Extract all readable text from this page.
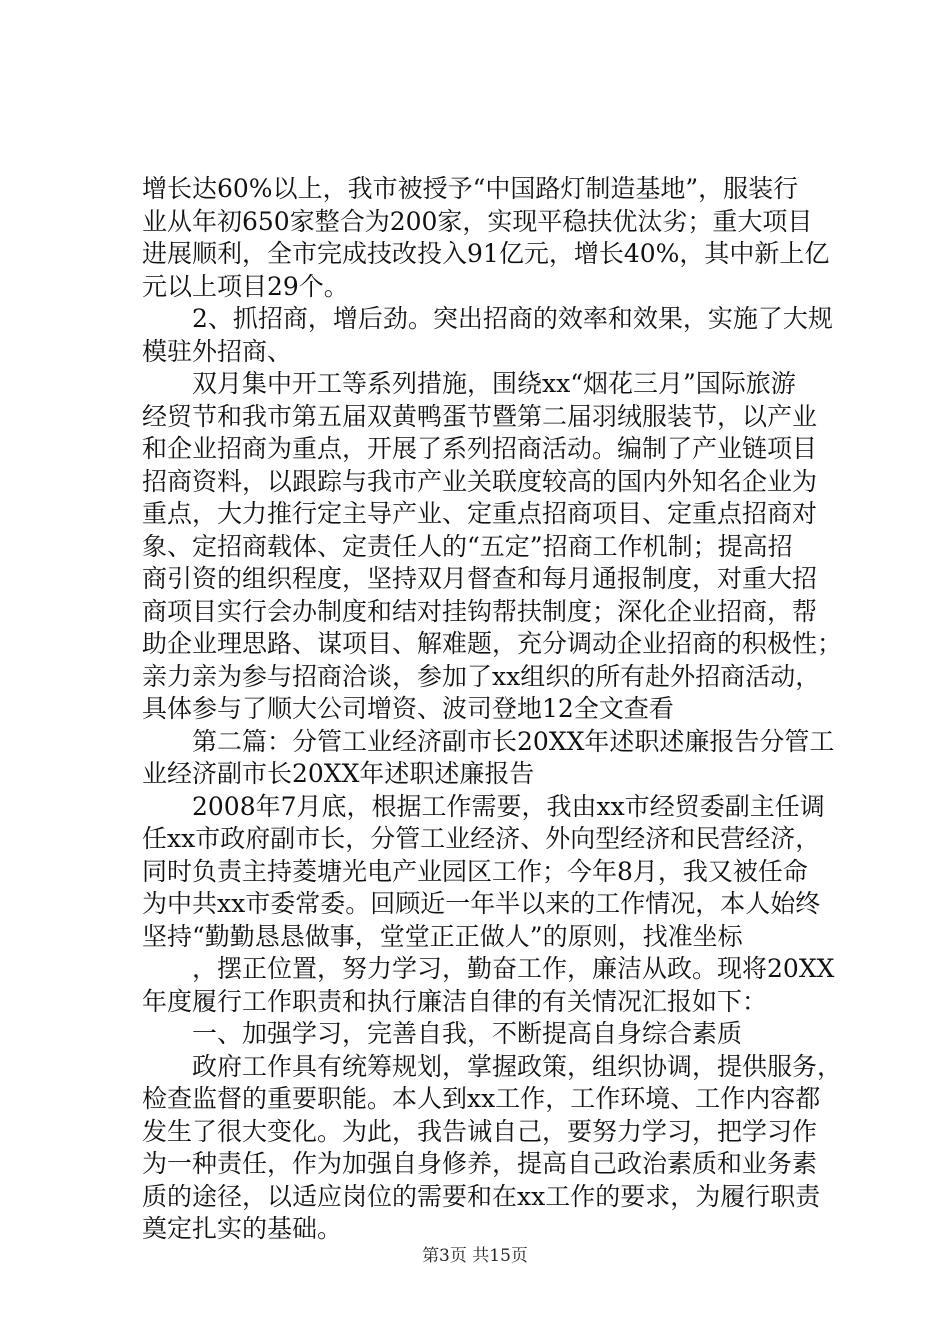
增长达60%以上，我市被授予“中国路灯制造基地”，服装行
业从年初650家整合为200家，实现平稳扶优汰劣；重大项目
进展顺利，全市完成技改投入91亿元，增长40%，其中新上亿
元以上项目29个。
　　2、抓招商，增后劲。突出招商的效率和效果，实施了大规
模驻外招商、
　　双月集中开工等系列措施，围绕xx“烟花三月”国际旅游
经贸节和我市第五届双黄鸭蛋节暨第二届羽绒服装节，以产业
和企业招商为重点，开展了系列招商活动。编制了产业链项目
招商资料，以跟踪与我市产业关联度较高的国内外知名企业为
重点，大力推行定主导产业、定重点招商项目、定重点招商对
象、定招商载体、定责任人的“五定”招商工作机制；提高招
商引资的组织程度，坚持双月督查和每月通报制度，对重大招
商项目实行会办制度和结对挂钩帮扶制度；深化企业招商，帮
助企业理思路、谋项目、解难题，充分调动企业招商的积极性；
亲力亲为参与招商洽谈，参加了xx组织的所有赴外招商活动，
具体参与了顺大公司增资、波司登地12全文查看
　　第二篇：分管工业经济副市长20XX年述职述廉报告分管工
业经济副市长20XX年述职述廉报告
　　2008年7月底，根据工作需要，我由xx市经贸委副主任调
任xx市政府副市长，分管工业经济、外向型经济和民营经济，
同时负责主持菱塘光电产业园区工作；今年8月，我又被任命
为中共xx市委常委。回顾近一年半以来的工作情况，本人始终
坚持“勤勤恳恳做事，堂堂正正做人”的原则，找准坐标
　　，摆正位置，努力学习，勤奋工作，廉洁从政。现将20XX
年度履行工作职责和执行廉洁自律的有关情况汇报如下：
　　一、加强学习，完善自我，不断提高自身综合素质
　　政府工作具有统筹规划，掌握政策，组织协调，提供服务，
检查监督的重要职能。本人到xx工作，工作环境、工作内容都
发生了很大变化。为此，我告诫自己，要努力学习，把学习作
为一种责任，作为加强自身修养，提高自己政治素质和业务素
质的途径，以适应岗位的需要和在xx工作的要求，为履行职责
奠定扎实的基础。
第3页 共15页
